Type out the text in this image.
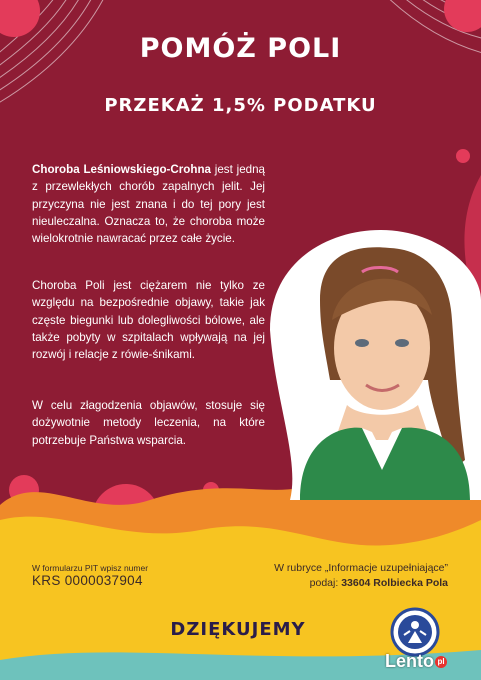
POMÓŻ POLI
PRZEKAŻ 1,5% PODATKU

Choroba Leśniowskiego-Crohna jest jedną z przewlekłych chorób zapalnych jelit. Jej przyczyna nie jest znana i do tej pory jest nieuleczalna. Oznacza to, że choroba może wielokrotnie nawracać przez całe życie.

Choroba Poli jest ciężarem nie tylko ze względu na bezpośrednie objawy, takie jak częste biegunki lub dolegliwości bólowe, ale także pobyty w szpitalach wpływają na jej rozwój i relacje z rówie-śnikami.

W celu złagodzenia objawów, stosuje się dożywotnie metody leczenia, na które potrzebuje Państwa wsparcia.

W formularzu PIT wpisz numer
KRS 0000037904
W rubryce „Informacje uzupełniające”
podaj: 33604 Rolbiecka Pola
DZIĘKUJEMY
Lento pl
